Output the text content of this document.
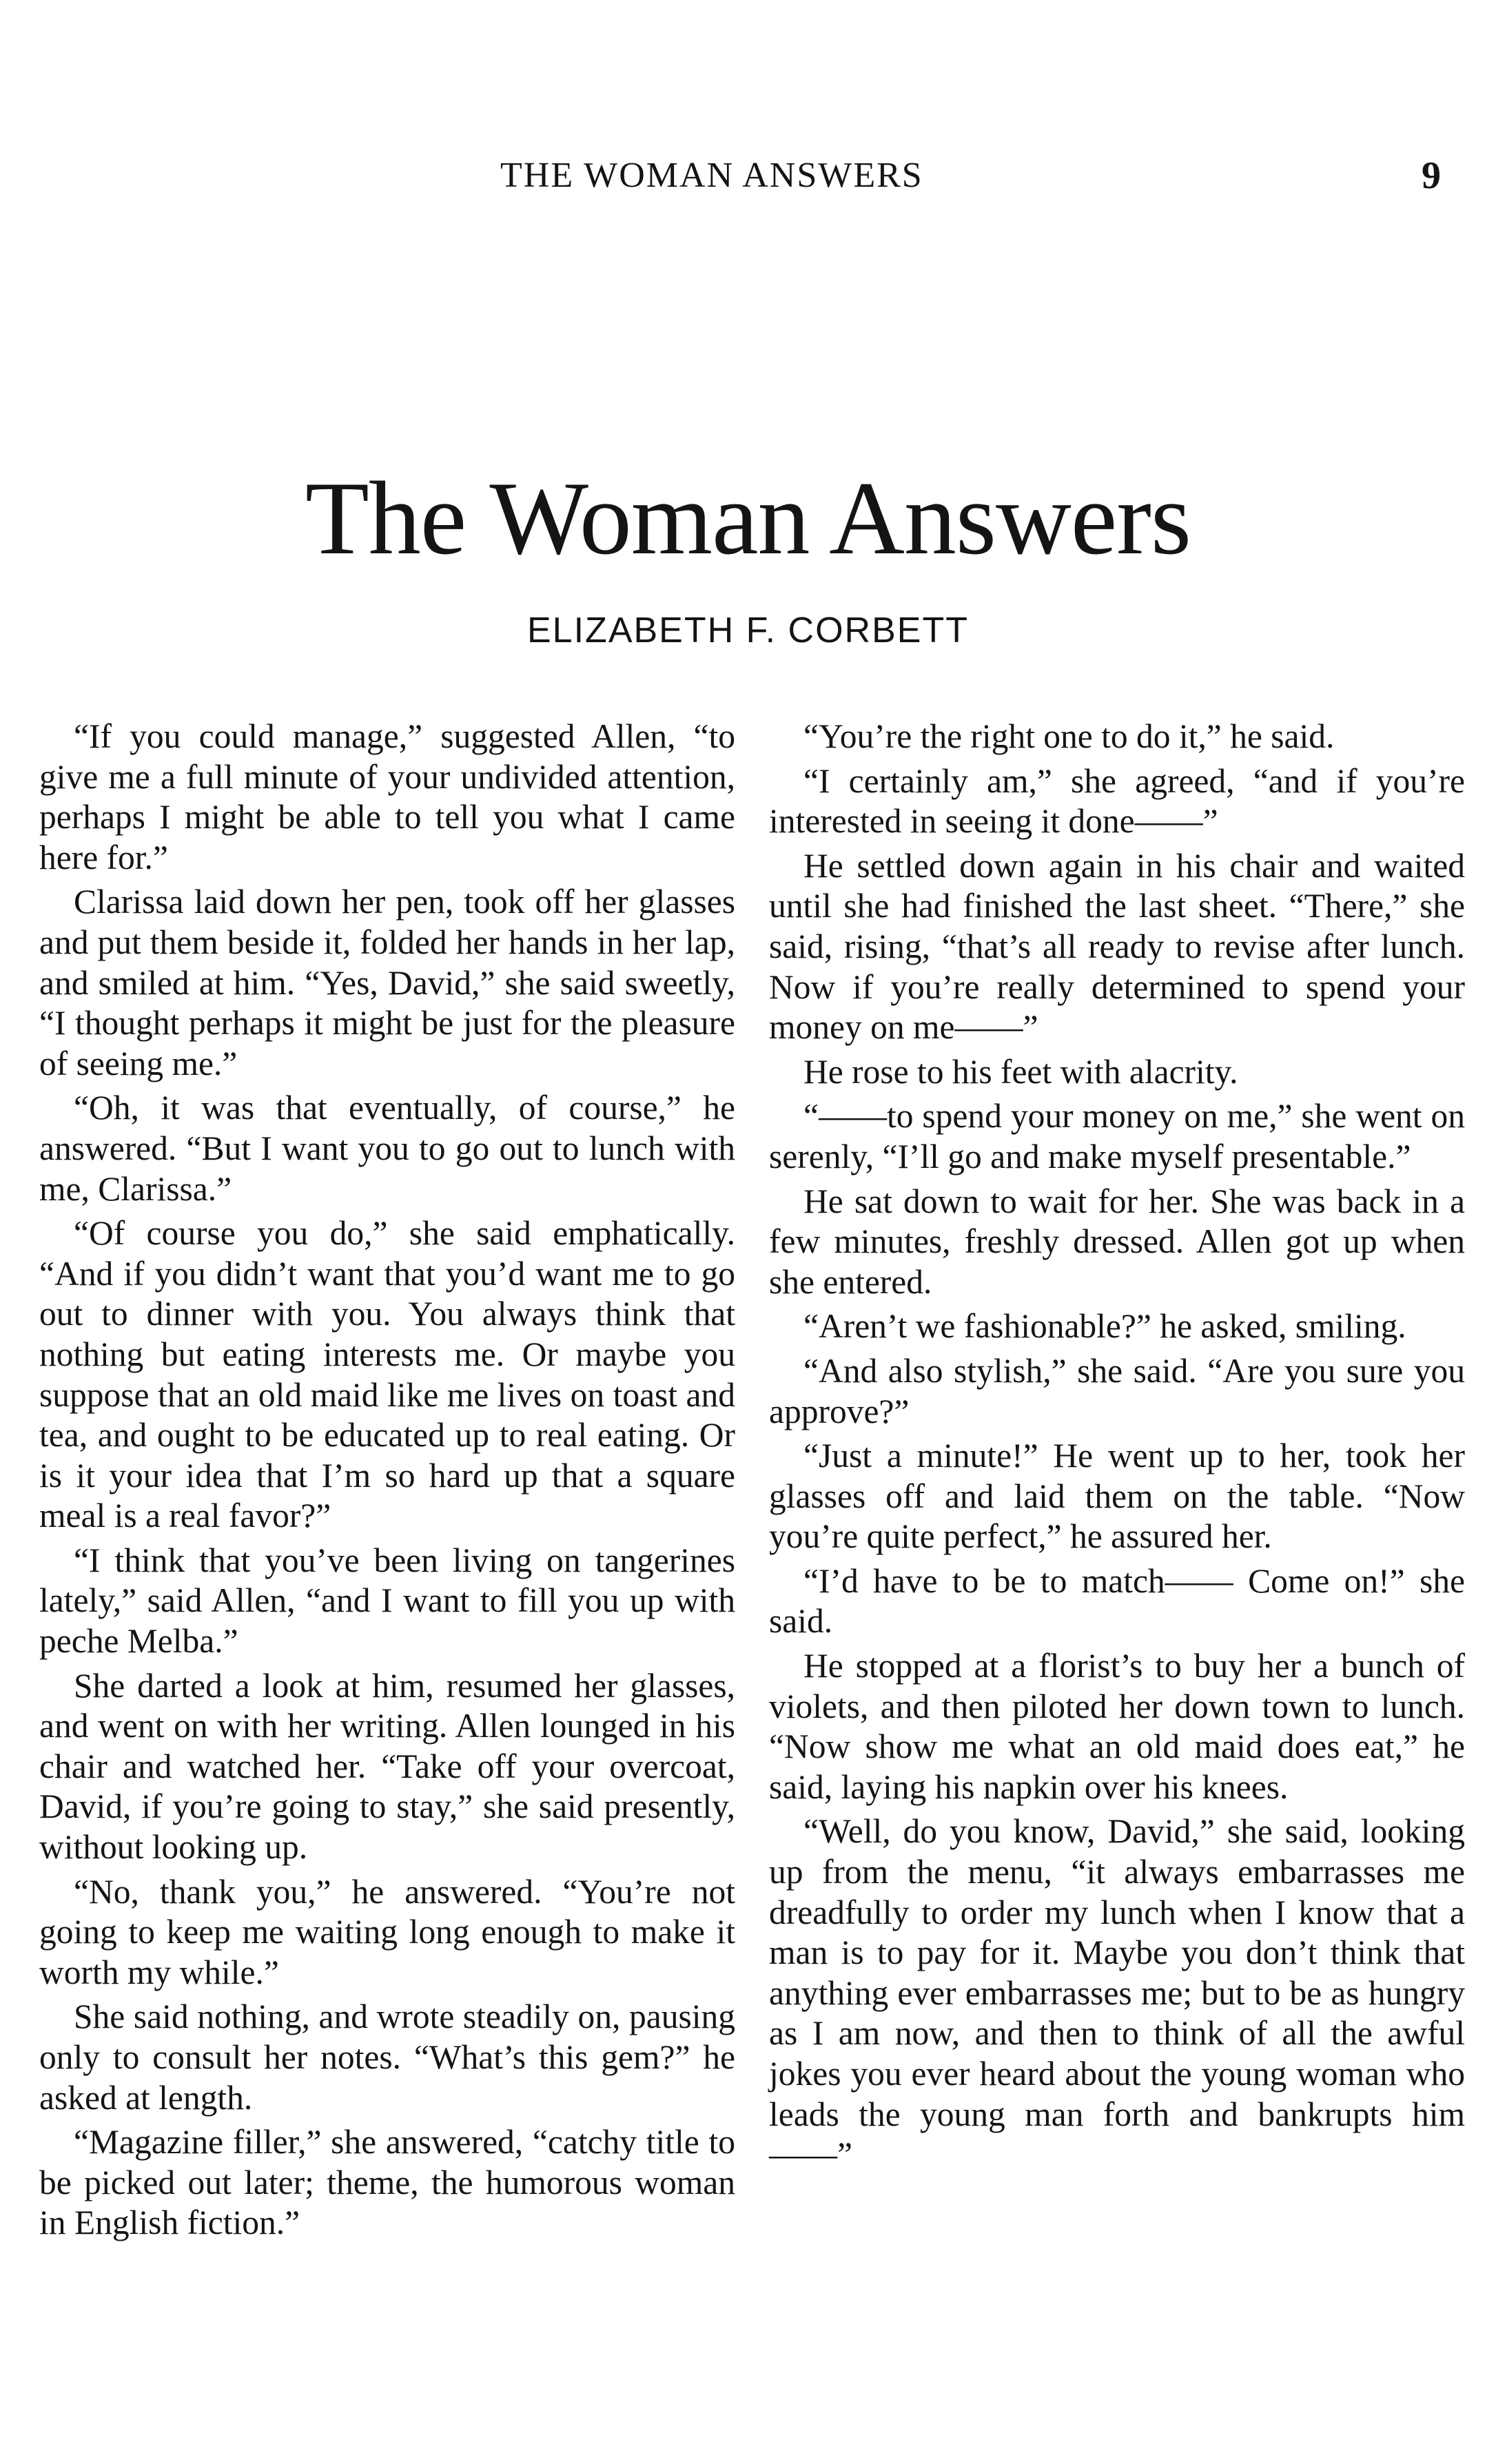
THE WOMAN ANSWERS	9
The Woman Answers
ELIZABETH F. CORBETT

“If you could manage,” suggested Allen, “to give me a full minute of your undivided attention, perhaps I might be able to tell you what I came here for.”

Clarissa laid down her pen, took off her glasses and put them beside it, folded her hands in her lap, and smiled at him. “Yes, David,” she said sweetly, “I thought perhaps it might be just for the pleasure of seeing me.”

“Oh, it was that eventually, of course,” he answered. “But I want you to go out to lunch with me, Clarissa.”

“Of course you do,” she said emphatically. “And if you didn’t want that you’d want me to go out to dinner with you. You always think that nothing but eating interests me. Or maybe you suppose that an old maid like me lives on toast and tea, and ought to be educated up to real eating. Or is it your idea that I’m so hard up that a square meal is a real favor?”

“I think that you’ve been living on tangerines lately,” said Allen, “and I want to fill you up with peche Melba.”

She darted a look at him, resumed her glasses, and went on with her writing. Allen lounged in his chair and watched her. “Take off your overcoat, David, if you’re going to stay,” she said presently, without looking up.

“No, thank you,” he answered. “You’re not going to keep me waiting long enough to make it worth my while.”

She said nothing, and wrote steadily on, pausing only to consult her notes. “What’s this gem?” he asked at length.

“Magazine filler,” she answered, “catchy title to be picked out later; theme, the humorous woman in English fiction.”

“You’re the right one to do it,” he said.

“I certainly am,” she agreed, “and if you’re interested in seeing it done——”

He settled down again in his chair and waited until she had finished the last sheet. “There,” she said, rising, “that’s all ready to revise after lunch. Now if you’re really determined to spend your money on me——”

He rose to his feet with alacrity.

“——to spend your money on me,” she went on serenly, “I’ll go and make myself presentable.”

He sat down to wait for her. She was back in a few minutes, freshly dressed. Allen got up when she entered.

“Aren’t we fashionable?” he asked, smiling.

“And also stylish,” she said. “Are you sure you approve?”

“Just a minute!” He went up to her, took her glasses off and laid them on the table. “Now you’re quite perfect,” he assured her.

“I’d have to be to match—— Come on!” she said.

He stopped at a florist’s to buy her a bunch of violets, and then piloted her down town to lunch. “Now show me what an old maid does eat,” he said, laying his napkin over his knees.

“Well, do you know, David,” she said, looking up from the menu, “it always embarrasses me dreadfully to order my lunch when I know that a man is to pay for it. Maybe you don’t think that anything ever embarrasses me; but to be as hungry as I am now, and then to think of all the awful jokes you ever heard about the young woman who leads the young man forth and bankrupts him——”
